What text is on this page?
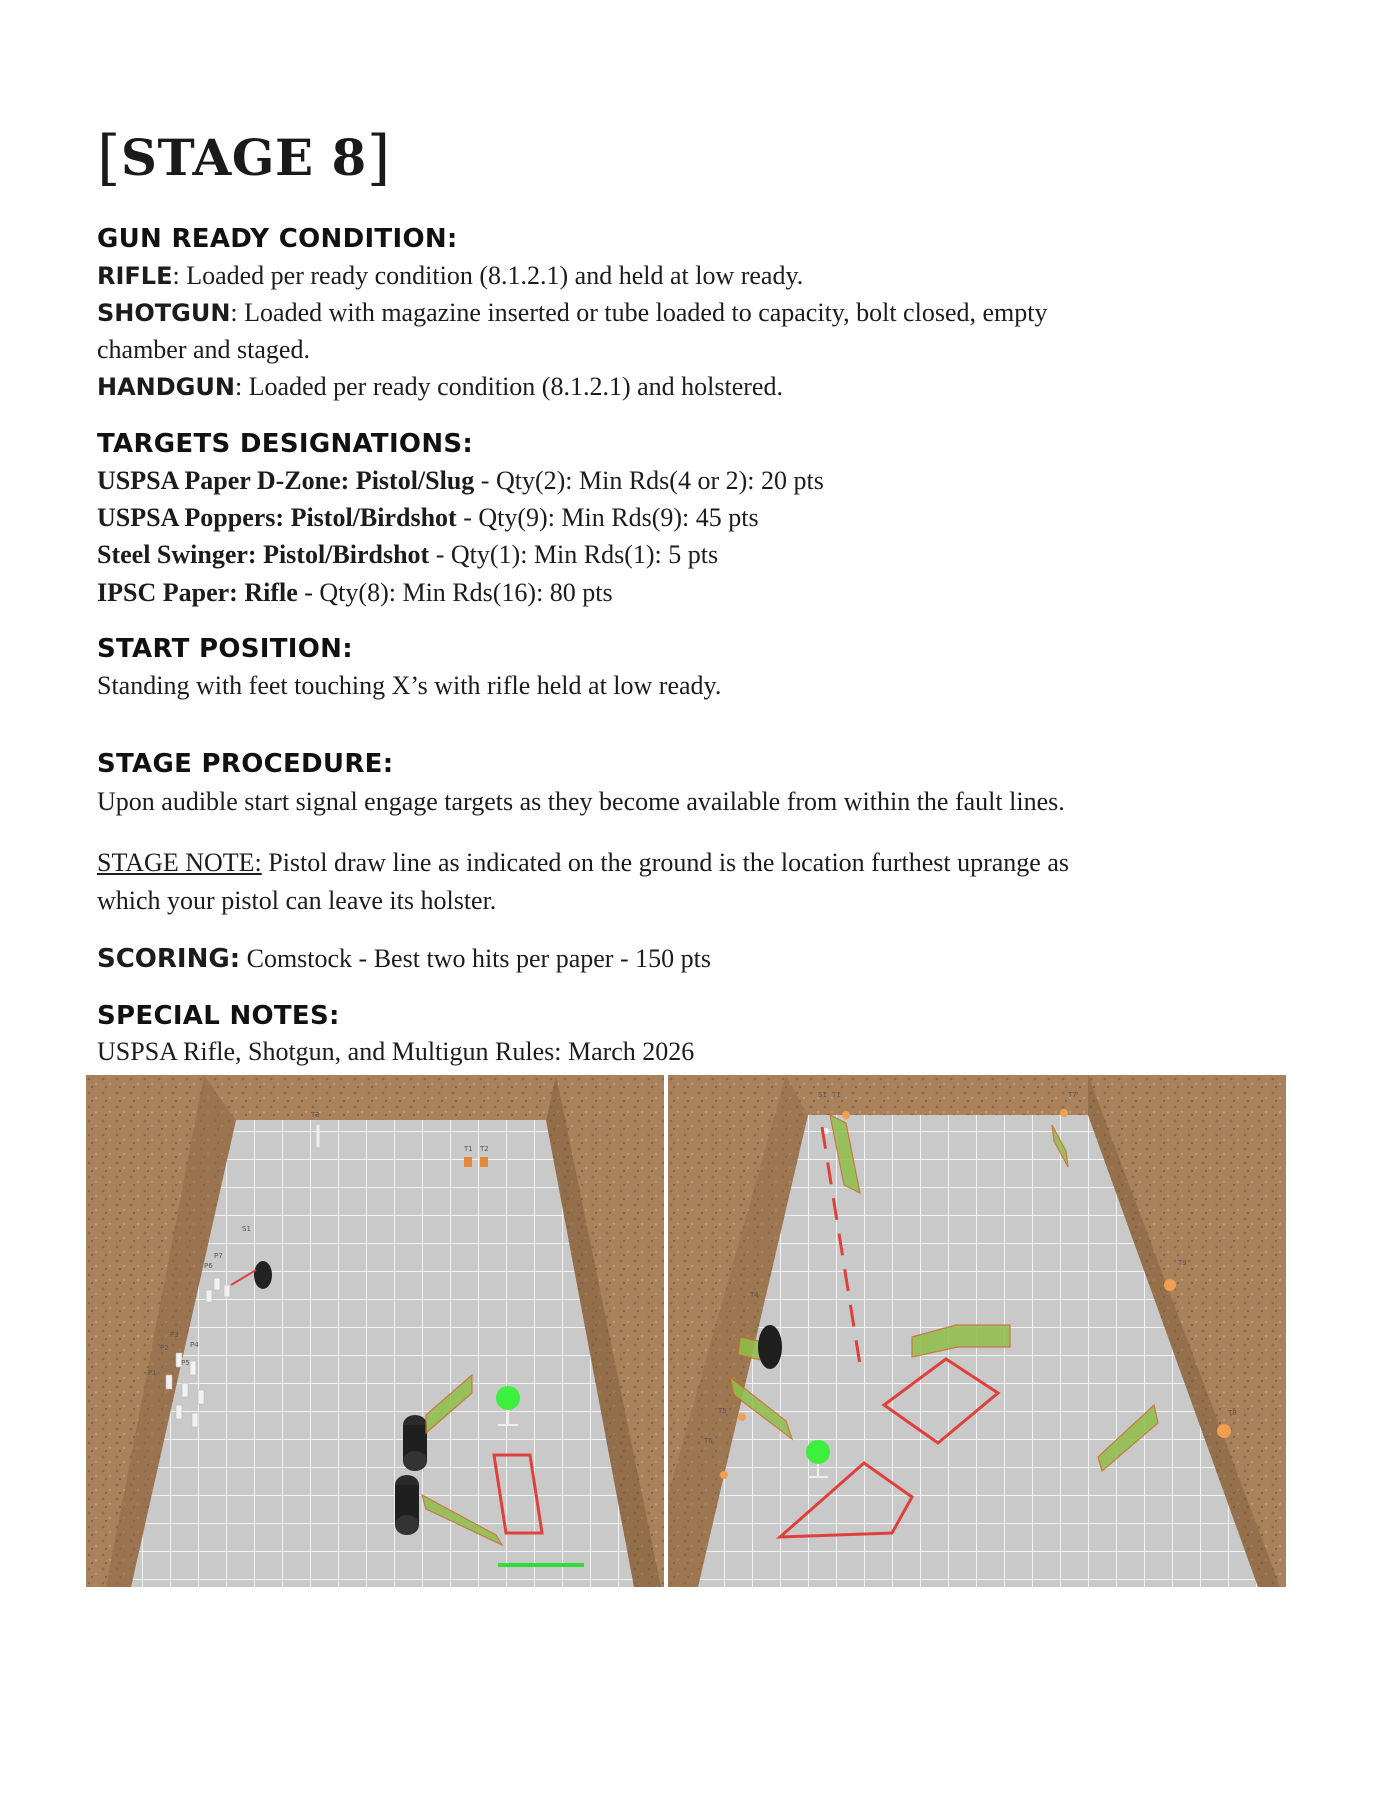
[STAGE 8]
GUN READY CONDITION:
RIFLE: Loaded per ready condition (8.1.2.1) and held at low ready.
SHOTGUN: Loaded with magazine inserted or tube loaded to capacity, bolt closed, empty
chamber and staged.
HANDGUN: Loaded per ready condition (8.1.2.1) and holstered.
TARGETS DESIGNATIONS:
USPSA Paper D-Zone: Pistol/Slug - Qty(2): Min Rds(4 or 2): 20 pts
USPSA Poppers: Pistol/Birdshot - Qty(9): Min Rds(9): 45 pts
Steel Swinger: Pistol/Birdshot - Qty(1): Min Rds(1): 5 pts
IPSC Paper: Rifle - Qty(8): Min Rds(16): 80 pts
START POSITION:
Standing with feet touching X’s with rifle held at low ready.
STAGE PROCEDURE:
Upon audible start signal engage targets as they become available from within the fault lines.
STAGE NOTE: Pistol draw line as indicated on the ground is the location furthest uprange as
which your pistol can leave its holster.
SCORING: Comstock - Best two hits per paper - 150 pts
SPECIAL NOTES:
USPSA Rifle, Shotgun, and Multigun Rules: March 2026
T1 T2
T3
S1
P7
P6
P3
P2
P1
P4
P5
S1 T1	T7
T9
T8
T4
T5
T6
